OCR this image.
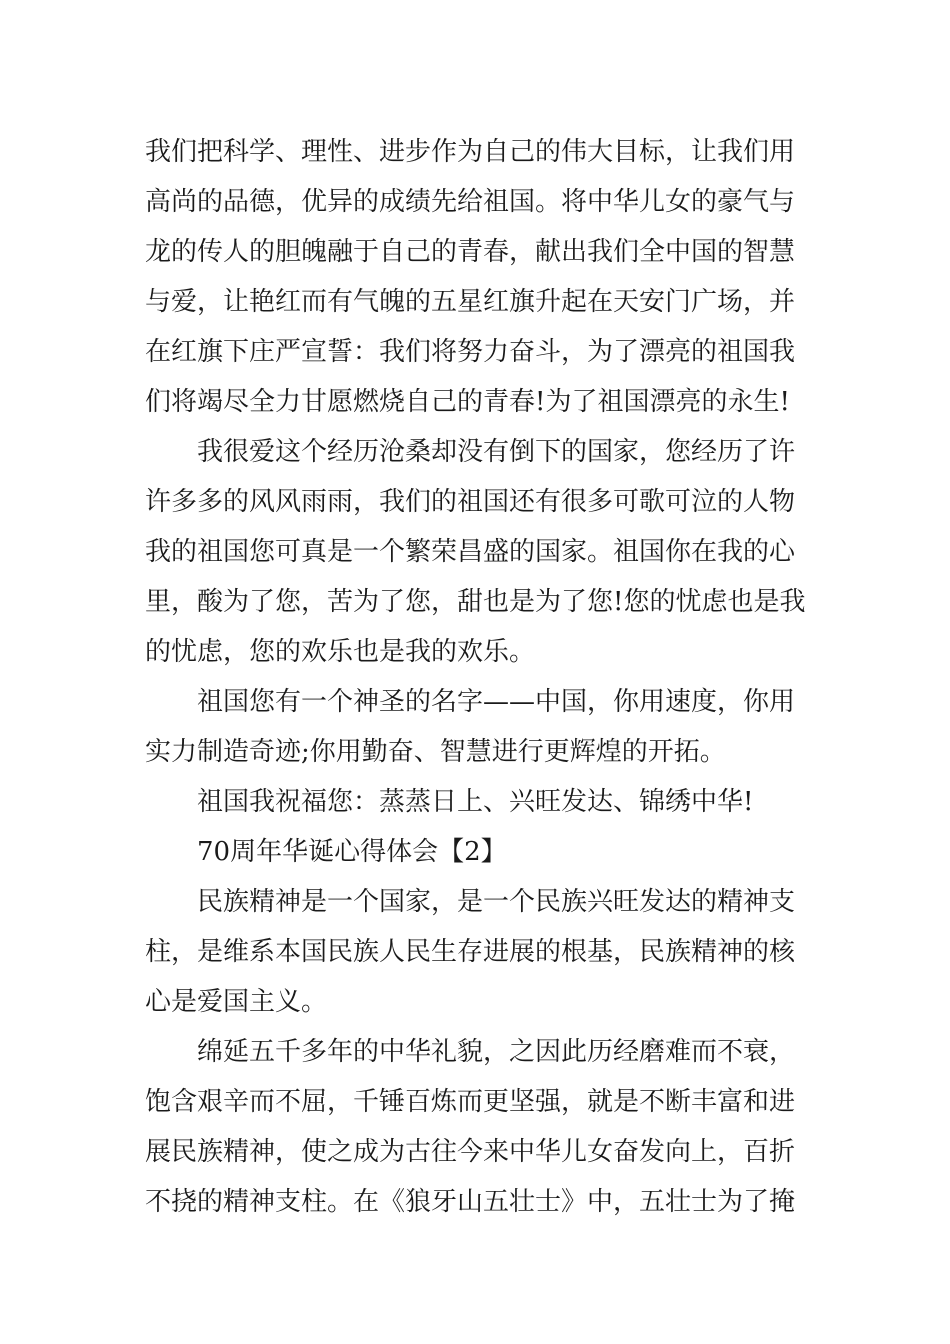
我们把科学、理性、进步作为自己的伟大目标，让我们用
高尚的品德，优异的成绩先给祖国。将中华儿女的豪气与
龙的传人的胆魄融于自己的青春，献出我们全中国的智慧
与爱，让艳红而有气魄的五星红旗升起在天安门广场，并
在红旗下庄严宣誓：我们将努力奋斗，为了漂亮的祖国我
们将竭尽全力甘愿燃烧自己的青春!为了祖国漂亮的永生!
我很爱这个经历沧桑却没有倒下的国家，您经历了许
许多多的风风雨雨，我们的祖国还有很多可歌可泣的人物
我的祖国您可真是一个繁荣昌盛的国家。祖国你在我的心
里，酸为了您，苦为了您，甜也是为了您!您的忧虑也是我
的忧虑，您的欢乐也是我的欢乐。
祖国您有一个神圣的名字——中国，你用速度，你用
实力制造奇迹;你用勤奋、智慧进行更辉煌的开拓。
祖国我祝福您：蒸蒸日上、兴旺发达、锦绣中华!
70周年华诞心得体会【2】
民族精神是一个国家，是一个民族兴旺发达的精神支
柱，是维系本国民族人民生存进展的根基，民族精神的核
心是爱国主义。
绵延五千多年的中华礼貌，之因此历经磨难而不衰，
饱含艰辛而不屈，千锤百炼而更坚强，就是不断丰富和进
展民族精神，使之成为古往今来中华儿女奋发向上，百折
不挠的精神支柱。在《狼牙山五壮士》中，五壮士为了掩
